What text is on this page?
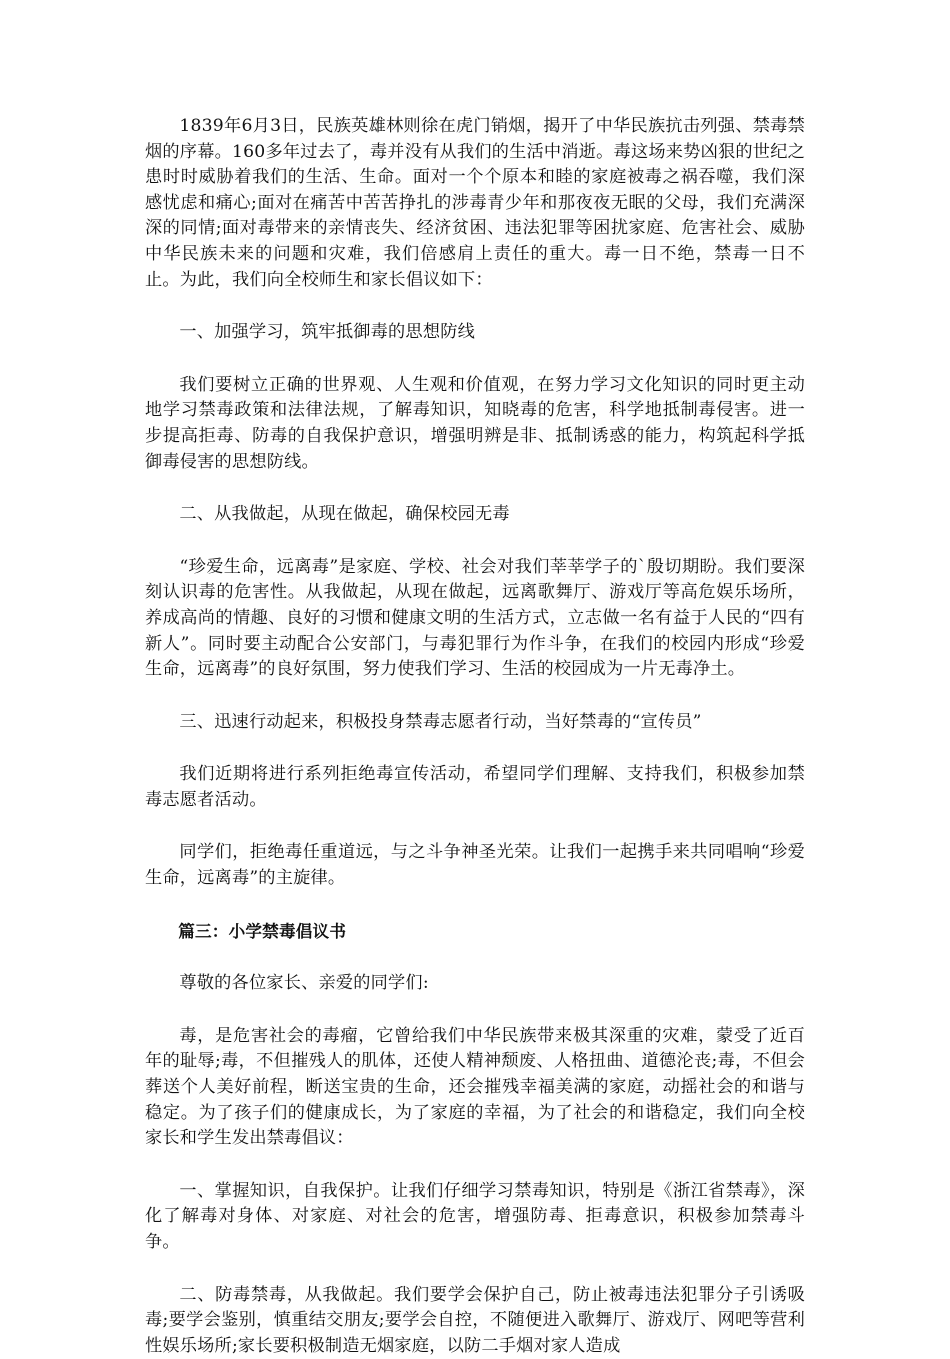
1839年6月3日，民族英雄林则徐在虎门销烟，揭开了中华民族抗击列强、禁毒禁烟的序幕。160多年过去了，毒并没有从我们的生活中消逝。毒这场来势凶狠的世纪之患时时威胁着我们的生活、生命。面对一个个原本和睦的家庭被毒之祸吞噬，我们深感忧虑和痛心;面对在痛苦中苦苦挣扎的涉毒青少年和那夜夜无眠的父母，我们充满深深的同情;面对毒带来的亲情丧失、经济贫困、违法犯罪等困扰家庭、危害社会、威胁中华民族未来的问题和灾难，我们倍感肩上责任的重大。毒一日不绝，禁毒一日不止。为此，我们向全校师生和家长倡议如下：

一、加强学习，筑牢抵御毒的思想防线

我们要树立正确的世界观、人生观和价值观，在努力学习文化知识的同时更主动地学习禁毒政策和法律法规，了解毒知识，知晓毒的危害，科学地抵制毒侵害。进一步提高拒毒、防毒的自我保护意识，增强明辨是非、抵制诱惑的能力，构筑起科学抵御毒侵害的思想防线。

二、从我做起，从现在做起，确保校园无毒

“珍爱生命，远离毒”是家庭、学校、社会对我们莘莘学子的`殷切期盼。我们要深刻认识毒的危害性。从我做起，从现在做起，远离歌舞厅、游戏厅等高危娱乐场所，养成高尚的情趣、良好的习惯和健康文明的生活方式，立志做一名有益于人民的“四有新人”。同时要主动配合公安部门，与毒犯罪行为作斗争，在我们的校园内形成“珍爱生命，远离毒”的良好氛围，努力使我们学习、生活的校园成为一片无毒净土。

三、迅速行动起来，积极投身禁毒志愿者行动，当好禁毒的“宣传员”

我们近期将进行系列拒绝毒宣传活动，希望同学们理解、支持我们，积极参加禁毒志愿者活动。

同学们，拒绝毒任重道远，与之斗争神圣光荣。让我们一起携手来共同唱响“珍爱生命，远离毒”的主旋律。

篇三：小学禁毒倡议书

尊敬的各位家长、亲爱的同学们:

毒，是危害社会的毒瘤，它曾给我们中华民族带来极其深重的灾难，蒙受了近百年的耻辱;毒，不但摧残人的肌体，还使人精神颓废、人格扭曲、道德沦丧;毒，不但会葬送个人美好前程，断送宝贵的生命，还会摧残幸福美满的家庭，动摇社会的和谐与稳定。为了孩子们的健康成长，为了家庭的幸福，为了社会的和谐稳定，我们向全校家长和学生发出禁毒倡议：

一、掌握知识，自我保护。让我们仔细学习禁毒知识，特别是《浙江省禁毒》，深化了解毒对身体、对家庭、对社会的危害，增强防毒、拒毒意识，积极参加禁毒斗争。

二、防毒禁毒，从我做起。我们要学会保护自己，防止被毒违法犯罪分子引诱吸毒;要学会鉴别，慎重结交朋友;要学会自控，不随便进入歌舞厅、游戏厅、网吧等营利性娱乐场所;家长要积极制造无烟家庭，以防二手烟对家人造成
